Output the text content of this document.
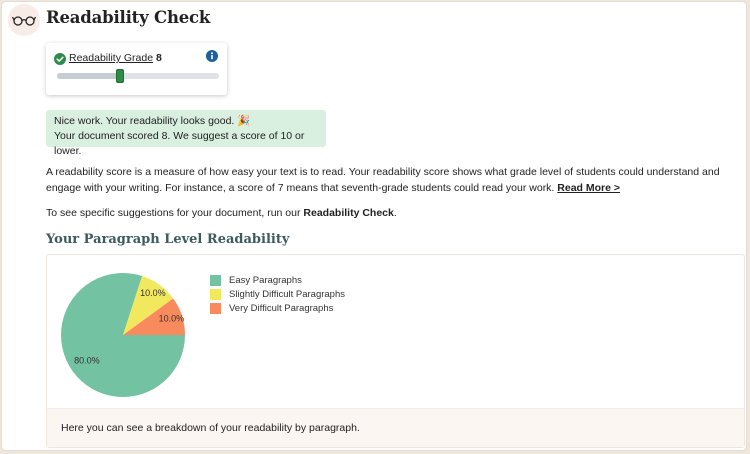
Readability Check
Readability Grade 8
Nice work. Your readability looks good. 🎉
Your document scored 8. We suggest a score of 10 or lower.
A readability score is a measure of how easy your text is to read. Your readability score shows what grade level of students could understand and engage with your writing. For instance, a score of 7 means that seventh-grade students could read your work. Read More >
To see specific suggestions for your document, run our Readability Check.
Your Paragraph Level Readability
80.0%
10.0%
10.0%
Easy Paragraphs
Slightly Difficult Paragraphs
Very Difficult Paragraphs
Here you can see a breakdown of your readability by paragraph.
